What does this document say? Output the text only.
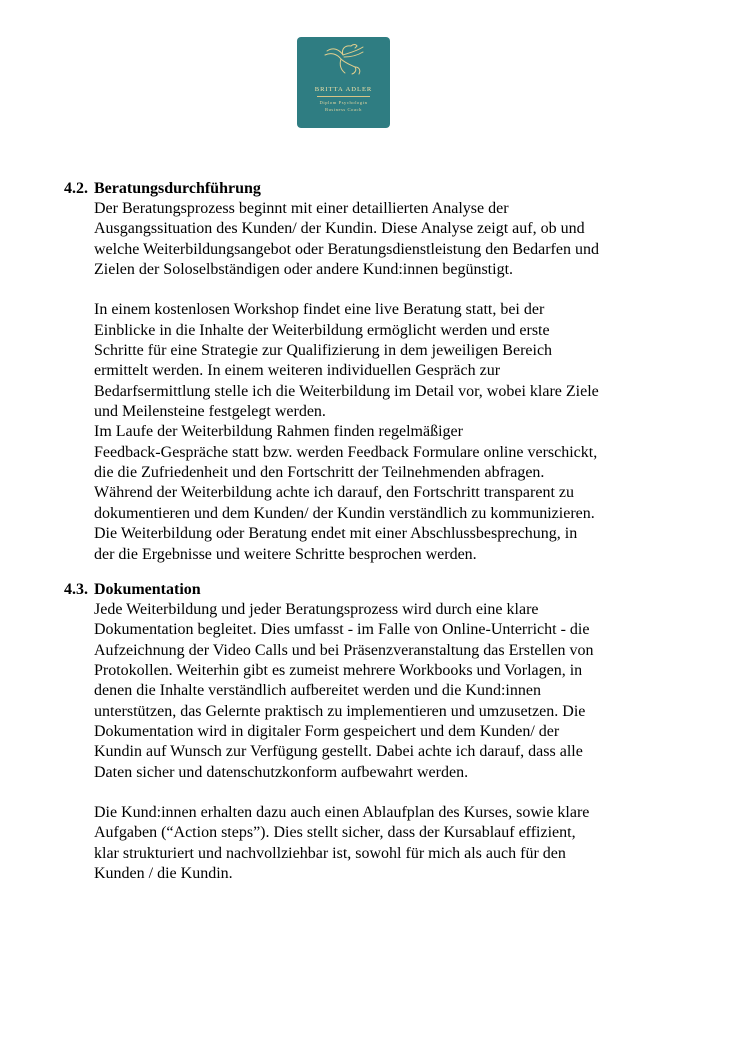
BRITTA ADLER
Diplom Psychologin
Business Coach
4.2. Beratungsdurchführung
Der Beratungsprozess beginnt mit einer detaillierten Analyse der
Ausgangssituation des Kunden/ der Kundin. Diese Analyse zeigt auf, ob und
welche Weiterbildungsangebot oder Beratungsdienstleistung den Bedarfen und
Zielen der Soloselbständigen oder andere Kund:innen begünstigt.
In einem kostenlosen Workshop findet eine live Beratung statt, bei der
Einblicke in die Inhalte der Weiterbildung ermöglicht werden und erste
Schritte für eine Strategie zur Qualifizierung in dem jeweiligen Bereich
ermittelt werden. In einem weiteren individuellen Gespräch zur
Bedarfsermittlung stelle ich die Weiterbildung im Detail vor, wobei klare Ziele
und Meilensteine festgelegt werden.
Im Laufe der Weiterbildung Rahmen finden regelmäßiger
Feedback-Gespräche statt bzw. werden Feedback Formulare online verschickt,
die die Zufriedenheit und den Fortschritt der Teilnehmenden abfragen.
Während der Weiterbildung achte ich darauf, den Fortschritt transparent zu
dokumentieren und dem Kunden/ der Kundin verständlich zu kommunizieren.
Die Weiterbildung oder Beratung endet mit einer Abschlussbesprechung, in
der die Ergebnisse und weitere Schritte besprochen werden.
4.3. Dokumentation
Jede Weiterbildung und jeder Beratungsprozess wird durch eine klare
Dokumentation begleitet. Dies umfasst - im Falle von Online-Unterricht - die
Aufzeichnung der Video Calls und bei Präsenzveranstaltung das Erstellen von
Protokollen. Weiterhin gibt es zumeist mehrere Workbooks und Vorlagen, in
denen die Inhalte verständlich aufbereitet werden und die Kund:innen
unterstützen, das Gelernte praktisch zu implementieren und umzusetzen. Die
Dokumentation wird in digitaler Form gespeichert und dem Kunden/ der
Kundin auf Wunsch zur Verfügung gestellt. Dabei achte ich darauf, dass alle
Daten sicher und datenschutzkonform aufbewahrt werden.
Die Kund:innen erhalten dazu auch einen Ablaufplan des Kurses, sowie klare
Aufgaben (“Action steps”). Dies stellt sicher, dass der Kursablauf effizient,
klar strukturiert und nachvollziehbar ist, sowohl für mich als auch für den
Kunden / die Kundin.
